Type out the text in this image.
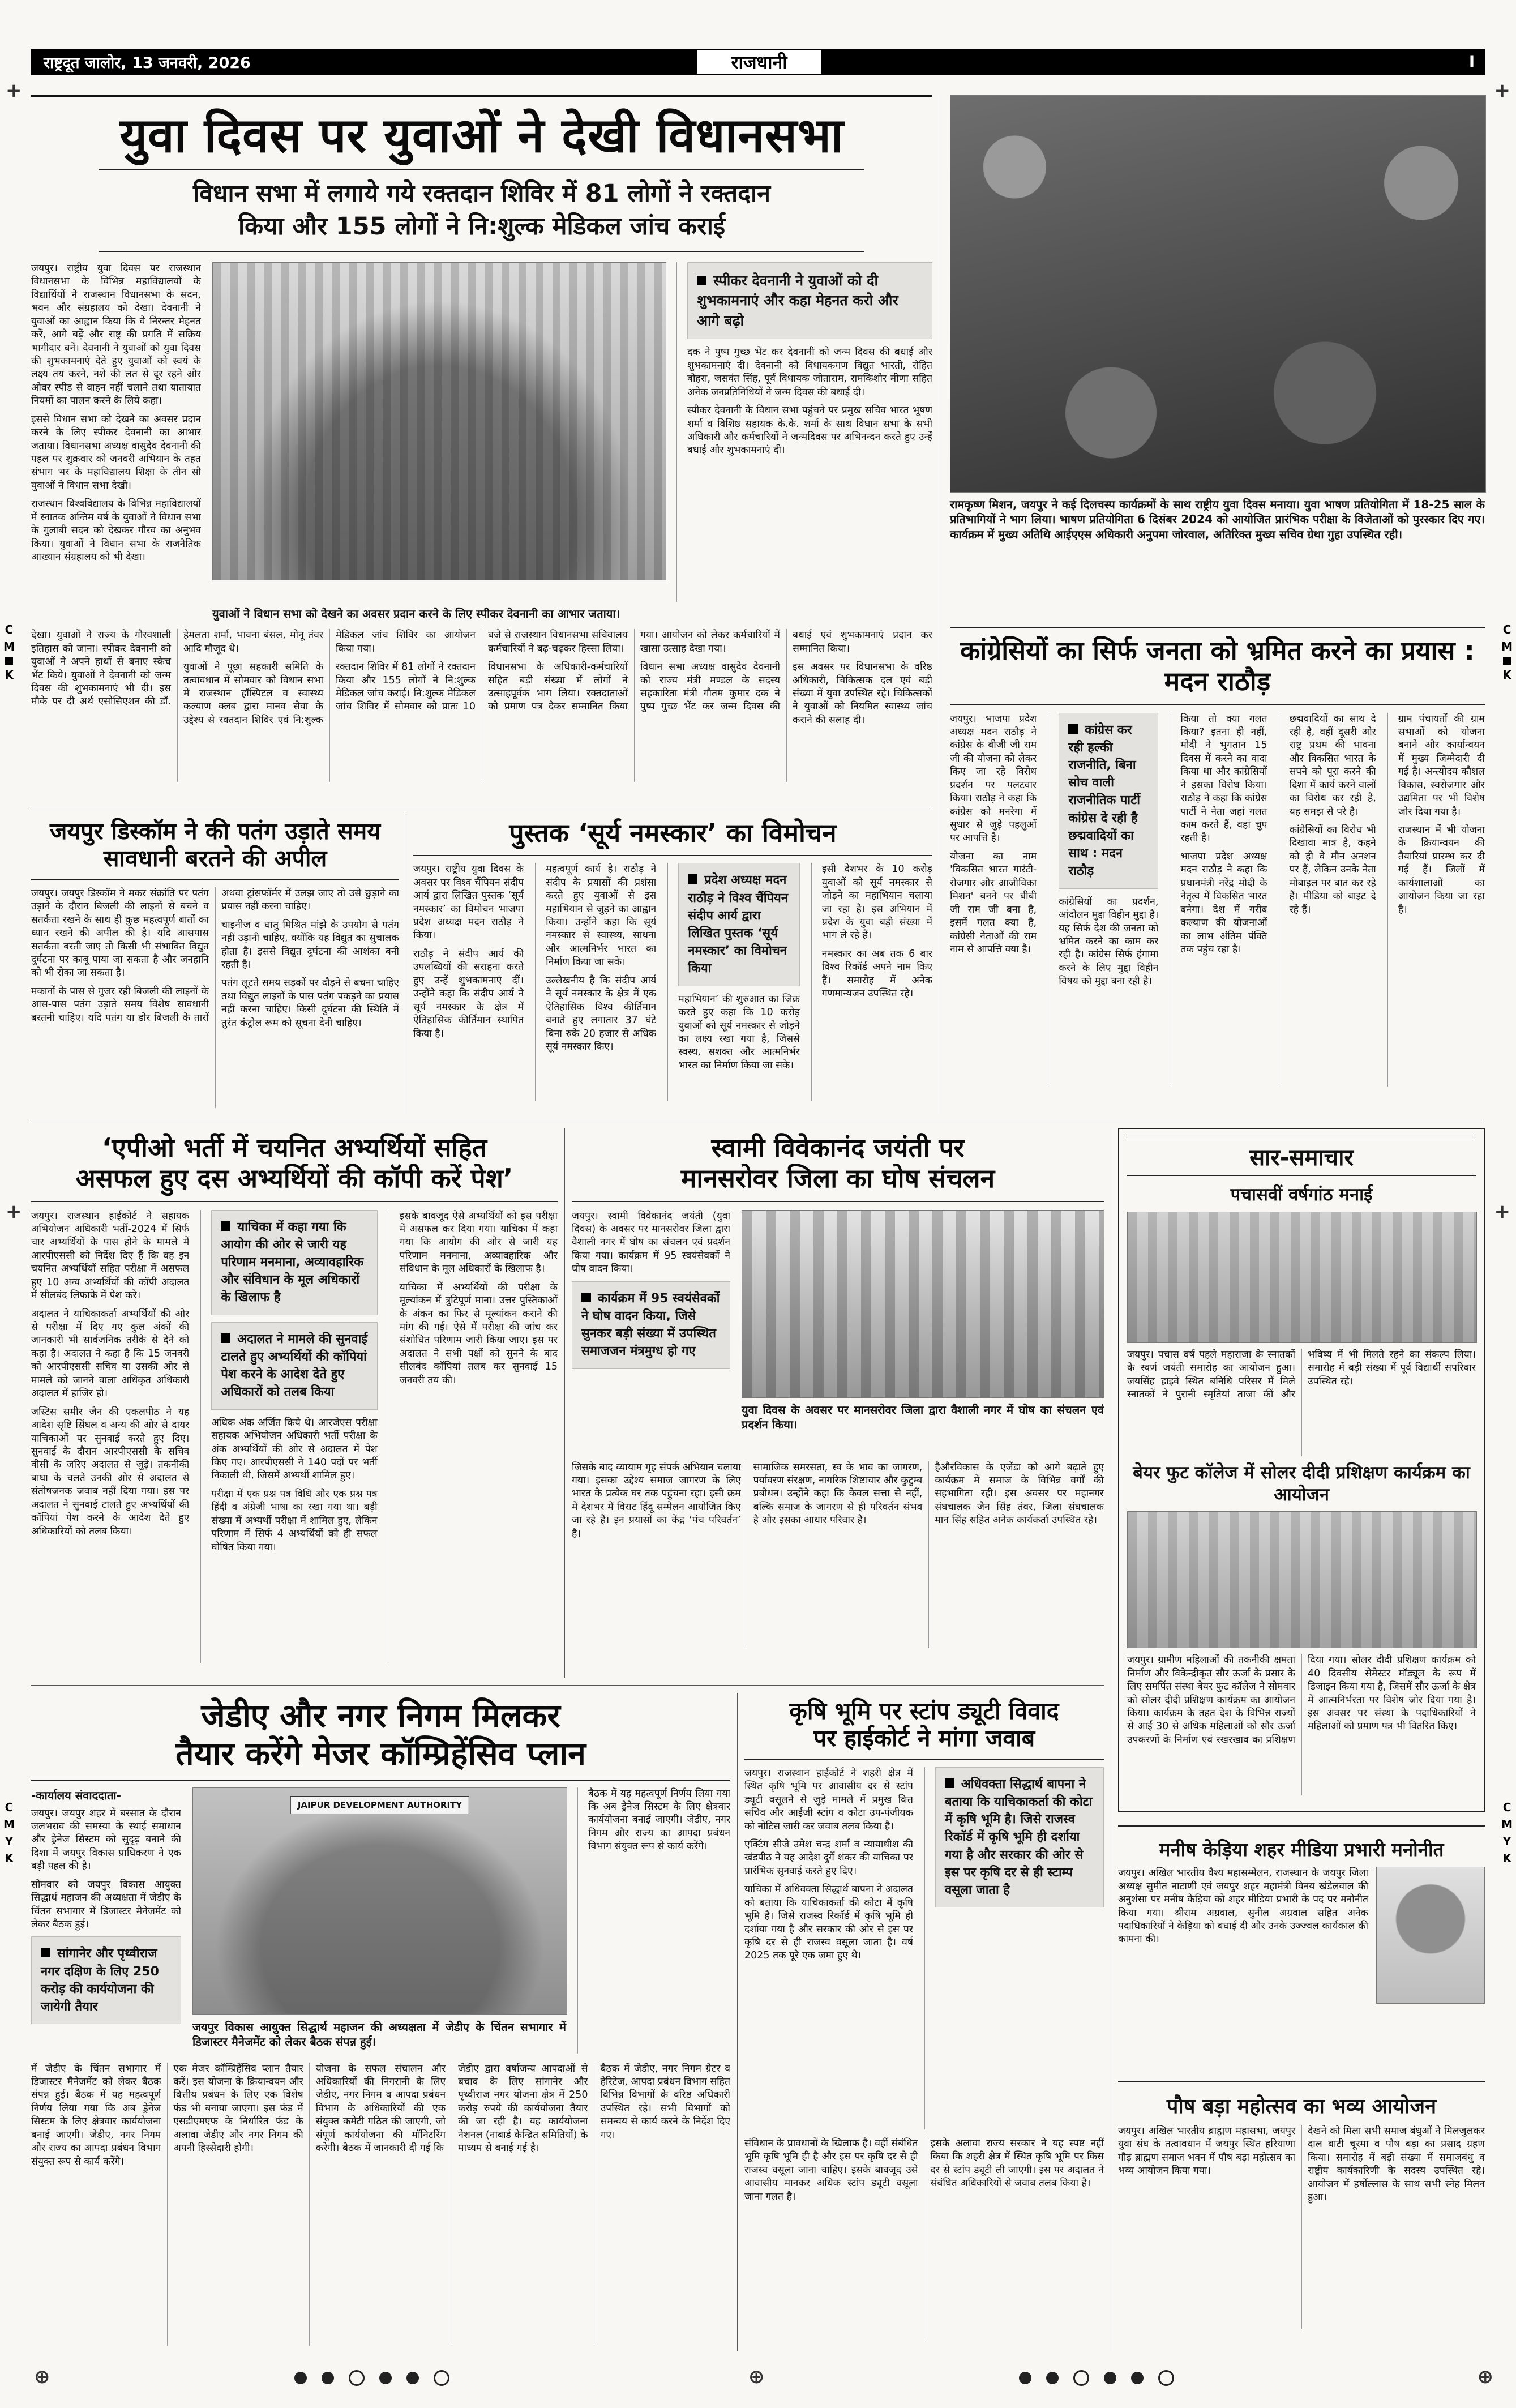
राष्ट्रदूत जालोर, 13 जनवरी, 2026	राजधानी	I
+	+
+	+
C
M
K
C
M
K
C
M
Y
K
C
M
Y
K
युवा दिवस पर युवाओं ने देखी विधानसभा
विधान सभा में लगाये गये रक्तदान शिविर में 81 लोगों ने रक्तदान
किया और 155 लोगों ने नि:शुल्क मेडिकल जांच कराई

जयपुर। राष्ट्रीय युवा दिवस पर राजस्थान विधानसभा के विभिन्न महाविद्यालयों के विद्यार्थियों ने राजस्थान विधानसभा के सदन, भवन और संग्रहालय को देखा। देवनानी ने युवाओं का आह्वान किया कि वे निरन्तर मेहनत करें, आगे बढ़ें और राष्ट्र की प्रगति में सक्रिय भागीदार बनें। देवनानी ने युवाओं को युवा दिवस की शुभकामनाएं देते हुए युवाओं को स्वयं के लक्ष्य तय करने, नशे की लत से दूर रहने और ओवर स्पीड से वाहन नहीं चलाने तथा यातायात नियमों का पालन करने के लिये कहा।

इससे विधान सभा को देखने का अवसर प्रदान करने के लिए स्पीकर देवनानी का आभार जताया। विधानसभा अध्यक्ष वासुदेव देवनानी की पहल पर शुक्रवार को जनवरी अभियान के तहत संभाग भर के महाविद्यालय शिक्षा के तीन सौ युवाओं ने विधान सभा देखी।

राजस्थान विश्वविद्यालय के विभिन्न महाविद्यालयों में स्नातक अन्तिम वर्ष के युवाओं ने विधान सभा के गुलाबी सदन को देखकर गौरव का अनुभव किया। युवाओं ने विधान सभा के राजनैतिक आख्यान संग्रहालय को भी देखा।

स्पीकर देवनानी ने युवाओं को दी शुभकामनाएं और कहा मेहनत करो और आगे बढ़ो

दक ने पुष्प गुच्छ भेंट कर देवनानी को जन्म दिवस की बधाई और शुभकामनाएं दी। देवनानी को विधायकगण विद्युत भारती, रोहित बोहरा, जसवंत सिंह, पूर्व विधायक जोताराम, रामकिशोर मीणा सहित अनेक जनप्रतिनिधियों ने जन्म दिवस की बधाई दी।

स्पीकर देवनानी के विधान सभा पहुंचने पर प्रमुख सचिव भारत भूषण शर्मा व विशिष्ठ सहायक के.के. शर्मा के साथ विधान सभा के सभी अधिकारी और कर्मचारियों ने जन्मदिवस पर अभिनन्दन करते हुए उन्हें बधाई और शुभकामनाएं दी।

युवाओं ने विधान सभा को देखने का अवसर प्रदान करने के लिए स्पीकर देवनानी का आभार जताया।

देखा। युवाओं ने राज्य के गौरवशाली इतिहास को जाना। स्पीकर देवनानी को युवाओं ने अपने हाथों से बनाए स्केच भेंट किये। युवाओं ने देवनानी को जन्म दिवस की शुभकामनाएं भी दी। इस मौके पर दी अर्थ एसोसिएशन की डॉ. हेमलता शर्मा, भावना बंसल, मोनू तंवर आदि मौजूद थे।

युवाओं ने पूछा सहकारी समिति के तत्वावधान में सोमवार को विधान सभा में राजस्थान हॉस्पिटल व स्वास्थ्य कल्याण क्लब द्वारा मानव सेवा के उद्देश्य से रक्तदान शिविर एवं नि:शुल्क मेडिकल जांच शिविर का आयोजन किया गया।

रक्तदान शिविर में 81 लोगों ने रक्तदान किया और 155 लोगों ने नि:शुल्क मेडिकल जांच कराई। नि:शुल्क मेडिकल जांच शिविर में सोमवार को प्रातः 10 बजे से राजस्थान विधानसभा सचिवालय कर्मचारियों ने बढ़-चढ़कर हिस्सा लिया।

विधानसभा के अधिकारी-कर्मचारियों सहित बड़ी संख्या में लोगों ने उत्साहपूर्वक भाग लिया। रक्तदाताओं को प्रमाण पत्र देकर सम्मानित किया गया। आयोजन को लेकर कर्मचारियों में खासा उत्साह देखा गया।

विधान सभा अध्यक्ष वासुदेव देवनानी को राज्य मंत्री मण्डल के सदस्य सहकारिता मंत्री गौतम कुमार दक ने पुष्प गुच्छ भेंट कर जन्म दिवस की बधाई एवं शुभकामनाएं प्रदान कर सम्मानित किया।

इस अवसर पर विधानसभा के वरिष्ठ अधिकारी, चिकित्सक दल एवं बड़ी संख्या में युवा उपस्थित रहे। चिकित्सकों ने युवाओं को नियमित स्वास्थ्य जांच कराने की सलाह दी।

रामकृष्ण मिशन, जयपुर ने कई दिलचस्प कार्यक्रमों के साथ राष्ट्रीय युवा दिवस मनाया। युवा भाषण प्रतियोगिता में 18-25 साल के प्रतिभागियों ने भाग लिया। भाषण प्रतियोगिता 6 दिसंबर 2024 को आयोजित प्रारंभिक परीक्षा के विजेताओं को पुरस्कार दिए गए। कार्यक्रम में मुख्य अतिथि आईएएस अधिकारी अनुपमा जोरवाल, अतिरिक्त मुख्य सचिव ग्रेथा गुहा उपस्थित रही।
कांग्रेसियों का सिर्फ जनता को भ्रमित करने का प्रयास : मदन राठौड़

जयपुर। भाजपा प्रदेश अध्यक्ष मदन राठौड़ ने कांग्रेस के बीजी जी राम जी की योजना को लेकर किए जा रहे विरोध प्रदर्शन पर पलटवार किया। राठौड़ ने कहा कि कांग्रेस को मनरेगा में सुधार से जुड़े पहलुओं पर आपत्ति है।

योजना का नाम 'विकसित भारत गारंटी- रोजगार और आजीविका मिशन' बनने पर बीबी जी राम जी बना है, इसमें गलत क्या है, कांग्रेसी नेताओं की राम नाम से आपत्ति क्या है।

कांग्रेस कर रही हल्की राजनीति, बिना सोच वाली राजनीतिक पार्टी कांग्रेस दे रही है छद्मवादियों का साथ : मदन राठौड़

कांग्रेसियों का प्रदर्शन, आंदोलन मुद्दा विहीन मुद्दा है। यह सिर्फ देश की जनता को भ्रमित करने का काम कर रही है। कांग्रेस सिर्फ हंगामा करने के लिए मुद्दा विहीन विषय को मुद्दा बना रही है।

किया तो क्या गलत किया? इतना ही नहीं, मोदी ने भुगतान 15 दिवस में करने का वादा किया था और कांग्रेसियों ने इसका विरोध किया। राठौड़ ने कहा कि कांग्रेस पार्टी ने नेता जहां गलत काम करते हैं, वहां चुप रहती है।

भाजपा प्रदेश अध्यक्ष मदन राठौड़ ने कहा कि प्रधानमंत्री नरेंद्र मोदी के नेतृत्व में विकसित भारत बनेगा। देश में गरीब कल्याण की योजनाओं का लाभ अंतिम पंक्ति तक पहुंच रहा है।

छद्मवादियों का साथ दे रही है, वहीं दूसरी ओर राष्ट्र प्रथम की भावना और विकसित भारत के सपने को पूरा करने की दिशा में कार्य करने वालों का विरोध कर रही है, यह समझ से परे है।

कांग्रेसियों का विरोध भी दिखावा मात्र है, कहने को ही वे मौन अनशन पर हैं, लेकिन उनके नेता मोबाइल पर बात कर रहे हैं। मीडिया को बाइट दे रहे हैं।

ग्राम पंचायतों की ग्राम सभाओं को योजना बनाने और कार्यान्वयन में मुख्य जिम्मेदारी दी गई है। अन्त्योदय कौशल विकास, स्वरोजगार और उद्यमिता पर भी विशेष जोर दिया गया है।

राजस्थान में भी योजना के क्रियान्वयन की तैयारियां प्रारम्भ कर दी गई हैं। जिलों में कार्यशालाओं का आयोजन किया जा रहा है।

जयपुर डिस्कॉम ने की पतंग उड़ाते समय सावधानी बरतने की अपील

जयपुर। जयपुर डिस्कॉम ने मकर संक्रांति पर पतंग उड़ाने के दौरान बिजली की लाइनों से बचने व सतर्कता रखने के साथ ही कुछ महत्वपूर्ण बातों का ध्यान रखने की अपील की है। यदि आसपास सतर्कता बरती जाए तो किसी भी संभावित विद्युत दुर्घटना पर काबू पाया जा सकता है और जनहानि को भी रोका जा सकता है।

मकानों के पास से गुजर रही बिजली की लाइनों के आस-पास पतंग उड़ाते समय विशेष सावधानी बरतनी चाहिए। यदि पतंग या डोर बिजली के तारों अथवा ट्रांसफॉर्मर में उलझ जाए तो उसे छुड़ाने का प्रयास नहीं करना चाहिए।

चाइनीज व धातु मिश्रित मांझे के उपयोग से पतंग नहीं उड़ानी चाहिए, क्योंकि यह विद्युत का सुचालक होता है। इससे विद्युत दुर्घटना की आशंका बनी रहती है।

पतंग लूटते समय सड़कों पर दौड़ने से बचना चाहिए तथा विद्युत लाइनों के पास पतंग पकड़ने का प्रयास नहीं करना चाहिए। किसी दुर्घटना की स्थिति में तुरंत कंट्रोल रूम को सूचना देनी चाहिए।

पुस्तक ‘सूर्य नमस्कार’ का विमोचन

जयपुर। राष्ट्रीय युवा दिवस के अवसर पर विश्व चैंपियन संदीप आर्य द्वारा लिखित पुस्तक ‘सूर्य नमस्कार’ का विमोचन भाजपा प्रदेश अध्यक्ष मदन राठौड़ ने किया।

राठौड़ ने संदीप आर्य की उपलब्धियों की सराहना करते हुए उन्हें शुभकामनाएं दीं। उन्होंने कहा कि संदीप आर्य ने सूर्य नमस्कार के क्षेत्र में ऐतिहासिक कीर्तिमान स्थापित किया है।

महत्वपूर्ण कार्य है। राठौड़ ने संदीप के प्रयासों की प्रशंसा करते हुए युवाओं से इस महाभियान से जुड़ने का आह्वान किया। उन्होंने कहा कि सूर्य नमस्कार से स्वास्थ्य, साधना और आत्मनिर्भर भारत का निर्माण किया जा सके।

उल्लेखनीय है कि संदीप आर्य ने सूर्य नमस्कार के क्षेत्र में एक ऐतिहासिक विश्व कीर्तिमान बनाते हुए लगातार 37 घंटे बिना रुके 20 हजार से अधिक सूर्य नमस्कार किए।

प्रदेश अध्यक्ष मदन राठौड़ ने विश्व चैंपियन संदीप आर्य द्वारा लिखित पुस्तक ‘सूर्य नमस्कार’ का विमोचन किया

महाभियान’ की शुरुआत का जिक्र करते हुए कहा कि 10 करोड़ युवाओं को सूर्य नमस्कार से जोड़ने का लक्ष्य रखा गया है, जिससे स्वस्थ, सशक्त और आत्मनिर्भर भारत का निर्माण किया जा सके।

इसी देशभर के 10 करोड़ युवाओं को सूर्य नमस्कार से जोड़ने का महाभियान चलाया जा रहा है। इस अभियान में प्रदेश के युवा बड़ी संख्या में भाग ले रहे हैं।

नमस्कार का अब तक 6 बार विश्व रिकॉर्ड अपने नाम किए हैं। समारोह में अनेक गणमान्यजन उपस्थित रहे।

‘एपीओ भर्ती में चयनित अभ्यर्थियों सहित
असफल हुए दस अभ्यर्थियों की कॉपी करें पेश’

जयपुर। राजस्थान हाईकोर्ट ने सहायक अभियोजन अधिकारी भर्ती-2024 में सिर्फ चार अभ्यर्थियों के पास होने के मामले में आरपीएससी को निर्देश दिए हैं कि वह इन चयनित अभ्यर्थियों सहित परीक्षा में असफल हुए 10 अन्य अभ्यर्थियों की कॉपी अदालत में सीलबंद लिफाफे में पेश करे।

अदालत ने याचिकाकर्ता अभ्यर्थियों की ओर से परीक्षा में दिए गए कुल अंकों की जानकारी भी सार्वजनिक तरीके से देने को कहा है। अदालत ने कहा है कि 15 जनवरी को आरपीएससी सचिव या उसकी ओर से मामले को जानने वाला अधिकृत अधिकारी अदालत में हाजिर हो।

जस्टिस समीर जैन की एकलपीठ ने यह आदेश सृष्टि सिंघल व अन्य की ओर से दायर याचिकाओं पर सुनवाई करते हुए दिए। सुनवाई के दौरान आरपीएससी के सचिव वीसी के जरिए अदालत से जुड़े। तकनीकी बाधा के चलते उनकी ओर से अदालत से संतोषजनक जवाब नहीं दिया गया। इस पर अदालत ने सुनवाई टालते हुए अभ्यर्थियों की कॉपियां पेश करने के आदेश देते हुए अधिकारियों को तलब किया।

याचिका में कहा गया कि आयोग की ओर से जारी यह परिणाम मनमाना, अव्यावहारिक और संविधान के मूल अधिकारों के खिलाफ है
अदालत ने मामले की सुनवाई टालते हुए अभ्यर्थियों की कॉपियां पेश करने के आदेश देते हुए अधिकारों को तलब किया

अधिक अंक अर्जित किये थे। आरजेएस परीक्षा सहायक अभियोजन अधिकारी भर्ती परीक्षा के अंक अभ्यर्थियों की ओर से अदालत में पेश किए गए। आरपीएससी ने 140 पदों पर भर्ती निकाली थी, जिसमें अभ्यर्थी शामिल हुए।

परीक्षा में एक प्रश्न पत्र विधि और एक प्रश्न पत्र हिंदी व अंग्रेजी भाषा का रखा गया था। बड़ी संख्या में अभ्यर्थी परीक्षा में शामिल हुए, लेकिन परिणाम में सिर्फ 4 अभ्यर्थियों को ही सफल घोषित किया गया।

इसके बावजूद ऐसे अभ्यर्थियों को इस परीक्षा में असफल कर दिया गया। याचिका में कहा गया कि आयोग की ओर से जारी यह परिणाम मनमाना, अव्यावहारिक और संविधान के मूल अधिकारों के खिलाफ है।

याचिका में अभ्यर्थियों की परीक्षा के मूल्यांकन में त्रुटिपूर्ण माना। उत्तर पुस्तिकाओं के अंकन का फिर से मूल्यांकन कराने की मांग की गई। ऐसे में परीक्षा की जांच कर संशोधित परिणाम जारी किया जाए। इस पर अदालत ने सभी पक्षों को सुनने के बाद सीलबंद कॉपियां तलब कर सुनवाई 15 जनवरी तय की।

स्वामी विवेकानंद जयंती पर
मानसरोवर जिला का घोष संचलन

जयपुर। स्वामी विवेकानंद जयंती (युवा दिवस) के अवसर पर मानसरोवर जिला द्वारा वैशाली नगर में घोष का संचलन एवं प्रदर्शन किया गया। कार्यक्रम में 95 स्वयंसेवकों ने घोष वादन किया।

कार्यक्रम में 95 स्वयंसेवकों ने घोष वादन किया, जिसे सुनकर बड़ी संख्या में उपस्थित समाजजन मंत्रमुग्ध हो गए
युवा दिवस के अवसर पर मानसरोवर जिला द्वारा वैशाली नगर में घोष का संचलन एवं प्रदर्शन किया।

जिसके बाद व्यायाम गृह संपर्क अभियान चलाया गया। इसका उद्देश्य समाज जागरण के लिए भारत के प्रत्येक घर तक पहुंचना रहा। इसी क्रम में देशभर में विराट हिंदू सम्मेलन आयोजित किए जा रहे हैं। इन प्रयासों का केंद्र ‘पंच परिवर्तन’ है।

सामाजिक समरसता, स्व के भाव का जागरण, पर्यावरण संरक्षण, नागरिक शिष्टाचार और कुटुम्ब प्रबोधन। उन्होंने कहा कि केवल सत्ता से नहीं, बल्कि समाज के जागरण से ही परिवर्तन संभव है और इसका आधार परिवार है।

हैऔरविकास के एजेंडा को आगे बढ़ाते हुए कार्यक्रम में समाज के विभिन्न वर्गों की सहभागिता रही। इस अवसर पर महानगर संघचालक जैन सिंह तंवर, जिला संघचालक मान सिंह सहित अनेक कार्यकर्ता उपस्थित रहे।

सार-समाचार
पचासवीं वर्षगांठ मनाई

जयपुर। पचास वर्ष पहले महाराजा के स्नातकों के स्वर्ण जयंती समारोह का आयोजन हुआ। जयसिंह हाइवे स्थित बनिधि परिसर में मिले स्नातकों ने पुरानी स्मृतियां ताजा कीं और भविष्य में भी मिलते रहने का संकल्प लिया। समारोह में बड़ी संख्या में पूर्व विद्यार्थी सपरिवार उपस्थित रहे।

बेयर फुट कॉलेज में सोलर दीदी प्रशिक्षण कार्यक्रम का आयोजन

जयपुर। ग्रामीण महिलाओं की तकनीकी क्षमता निर्माण और विकेन्द्रीकृत सौर ऊर्जा के प्रसार के लिए समर्पित संस्था बेयर फुट कॉलेज ने सोमवार को सोलर दीदी प्रशिक्षण कार्यक्रम का आयोजन किया। कार्यक्रम के तहत देश के विभिन्न राज्यों से आईं 30 से अधिक महिलाओं को सौर ऊर्जा उपकरणों के निर्माण एवं रखरखाव का प्रशिक्षण दिया गया। सोलर दीदी प्रशिक्षण कार्यक्रम को 40 दिवसीय सेमेस्टर मॉड्यूल के रूप में डिजाइन किया गया है, जिसमें सौर ऊर्जा के क्षेत्र में आत्मनिर्भरता पर विशेष जोर दिया गया है। इस अवसर पर संस्था के पदाधिकारियों ने महिलाओं को प्रमाण पत्र भी वितरित किए।

मनीष केड़िया शहर मीडिया प्रभारी मनोनीत

जयपुर। अखिल भारतीय वैश्य महासम्मेलन, राजस्थान के जयपुर जिला अध्यक्ष सुमीत नाटाणी एवं जयपुर शहर महामंत्री विनय खंडेलवाल की अनुशंसा पर मनीष केड़िया को शहर मीडिया प्रभारी के पद पर मनोनीत किया गया। श्रीराम अग्रवाल, सुनील अग्रवाल सहित अनेक पदाधिकारियों ने केड़िया को बधाई दी और उनके उज्ज्वल कार्यकाल की कामना की।

पौष बड़ा महोत्सव का भव्य आयोजन

जयपुर। अखिल भारतीय ब्राह्मण महासभा, जयपुर युवा संघ के तत्वावधान में जयपुर स्थित हरियाणा गौड़ ब्राह्मण समाज भवन में पौष बड़ा महोत्सव का भव्य आयोजन किया गया।

देखने को मिला सभी समाज बंधुओं ने मिलजुलकर दाल बाटी चूरमा व पौष बड़ा का प्रसाद ग्रहण किया। समारोह में बड़ी संख्या में समाजबंधु व राष्ट्रीय कार्यकारिणी के सदस्य उपस्थित रहे। आयोजन में हर्षोल्लास के साथ सभी स्नेह मिलन हुआ।

जेडीए और नगर निगम मिलकर
तैयार करेंगे मेजर कॉम्प्रिहेंसिव प्लान
-कार्यालय संवाददाता-

जयपुर। जयपुर शहर में बरसात के दौरान जलभराव की समस्या के स्थाई समाधान और ड्रेनेज सिस्टम को सुदृढ़ बनाने की दिशा में जयपुर विकास प्राधिकरण ने एक बड़ी पहल की है।

सोमवार को जयपुर विकास आयुक्त सिद्धार्थ महाजन की अध्यक्षता में जेडीए के चिंतन सभागार में डिजास्टर मैनेजमेंट को लेकर बैठक हुई।

सांगानेर और पृथ्वीराज नगर दक्षिण के लिए 250 करोड़ की कार्ययोजना की जायेगी तैयार
JAIPUR DEVELOPMENT AUTHORITY
जयपुर विकास आयुक्त सिद्धार्थ महाजन की अध्यक्षता में जेडीए के चिंतन सभागार में डिजास्टर मैनेजमेंट को लेकर बैठक संपन्न हुई।

बैठक में यह महत्वपूर्ण निर्णय लिया गया कि अब ड्रेनेज सिस्टम के लिए क्षेत्रवार कार्ययोजना बनाई जाएगी। जेडीए, नगर निगम और राज्य का आपदा प्रबंधन विभाग संयुक्त रूप से कार्य करेंगे।

में जेडीए के चिंतन सभागार में डिजास्टर मैनेजमेंट को लेकर बैठक संपन्न हुई। बैठक में यह महत्वपूर्ण निर्णय लिया गया कि अब ड्रेनेज सिस्टम के लिए क्षेत्रवार कार्ययोजना बनाई जाएगी। जेडीए, नगर निगम और राज्य का आपदा प्रबंधन विभाग संयुक्त रूप से कार्य करेंगे।

एक मेजर कॉम्प्रिहेंसिव प्लान तैयार करें। इस योजना के क्रियान्वयन और वित्तीय प्रबंधन के लिए एक विशेष फंड भी बनाया जाएगा। इस फंड में एसडीएमएफ के निर्धारित फंड के अलावा जेडीए और नगर निगम की अपनी हिस्सेदारी होगी।

योजना के सफल संचालन और अधिकारियों की निगरानी के लिए जेडीए, नगर निगम व आपदा प्रबंधन विभाग के अधिकारियों की एक संयुक्त कमेटी गठित की जाएगी, जो संपूर्ण कार्ययोजना की मॉनिटरिंग करेगी। बैठक में जानकारी दी गई कि

जेडीए द्वारा वर्षाजन्य आपदाओं से बचाव के लिए सांगानेर और पृथ्वीराज नगर योजना क्षेत्र में 250 करोड़ रुपये की कार्ययोजना तैयार की जा रही है। यह कार्ययोजना नेशनल (नाबार्ड केन्द्रित समितियों) के माध्यम से बनाई गई है।

बैठक में जेडीए, नगर निगम ग्रेटर व हेरिटेज, आपदा प्रबंधन विभाग सहित विभिन्न विभागों के वरिष्ठ अधिकारी उपस्थित रहे। सभी विभागों को समन्वय से कार्य करने के निर्देश दिए गए।

कृषि भूमि पर स्टांप ड्यूटी विवाद
पर हाईकोर्ट ने मांगा जवाब

जयपुर। राजस्थान हाईकोर्ट ने शहरी क्षेत्र में स्थित कृषि भूमि पर आवासीय दर से स्टांप ड्यूटी वसूलने से जुड़े मामले में प्रमुख वित्त सचिव और आईजी स्टांप व कोटा उप-पंजीयक को नोटिस जारी कर जवाब तलब किया है।

एक्टिंग सीजे उमेश चन्द्र शर्मा व न्यायाधीश की खंडपीठ ने यह आदेश दुर्गे शंकर की याचिका पर प्रारंभिक सुनवाई करते हुए दिए।

याचिका में अधिवक्ता सिद्धार्थ बापना ने अदालत को बताया कि याचिकाकर्ता की कोटा में कृषि भूमि है। जिसे राजस्व रिकॉर्ड में कृषि भूमि ही दर्शाया गया है और सरकार की ओर से इस पर कृषि दर से ही राजस्व वसूला जाता है। वर्ष 2025 तक पूरे एक जमा हुए थे।

अधिवक्ता सिद्धार्थ बापना ने बताया कि याचिकाकर्ता की कोटा में कृषि भूमि है। जिसे राजस्व रिकॉर्ड में कृषि भूमि ही दर्शाया गया है और सरकार की ओर से इस पर कृषि दर से ही स्टाम्प वसूला जाता है

संविधान के प्रावधानों के खिलाफ है। वहीं संबंधित भूमि कृषि भूमि ही है और इस पर कृषि दर से ही राजस्व वसूला जाना चाहिए। इसके बावजूद उसे आवासीय मानकर अधिक स्टांप ड्यूटी वसूला जाना गलत है।

इसके अलावा राज्य सरकार ने यह स्पष्ट नहीं किया कि शहरी क्षेत्र में स्थित कृषि भूमि पर किस दर से स्टांप ड्यूटी ली जाएगी। इस पर अदालत ने संबंधित अधिकारियों से जवाब तलब किया है।

⊕	⊕	⊕
